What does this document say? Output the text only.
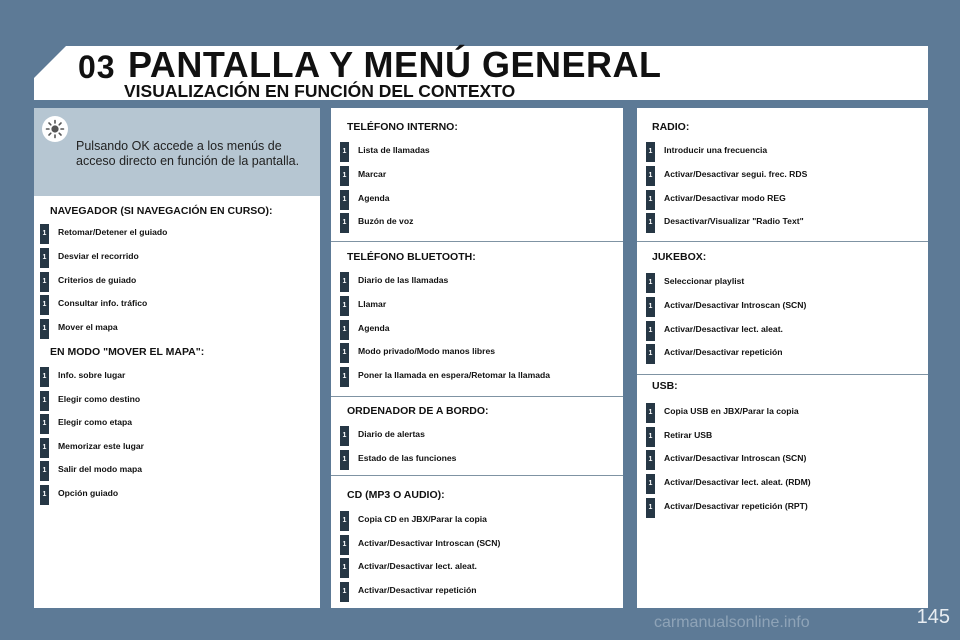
03 PANTALLA Y MENÚ GENERAL
VISUALIZACIÓN EN FUNCIÓN DEL CONTEXTO
Pulsando OK accede a los menús de acceso directo en función de la pantalla.
NAVEGADOR (SI NAVEGACIÓN EN CURSO):
EN MODO "MOVER EL MAPA":
1 Retomar/Detener el guiado
1 Desviar el recorrido
1 Criterios de guiado
1 Consultar info. tráfico
1 Mover el mapa
1 Info. sobre lugar
1 Elegir como destino
1 Elegir como etapa
1 Memorizar este lugar
1 Salir del modo mapa
1 Opción guiado
TELÉFONO INTERNO:
TELÉFONO BLUETOOTH:
ORDENADOR DE A BORDO:
CD (MP3 O AUDIO):
1 Lista de llamadas
1 Marcar
1 Agenda
1 Buzón de voz
1 Diario de las llamadas
1 Llamar
1 Agenda
1 Modo privado/Modo manos libres
1 Poner la llamada en espera/Retomar la llamada
1 Diario de alertas
1 Estado de las funciones
1 Copia CD en JBX/Parar la copia
1 Activar/Desactivar Introscan (SCN)
1 Activar/Desactivar lect. aleat.
1 Activar/Desactivar repetición
RADIO:
JUKEBOX:
USB:
1 Introducir una frecuencia
1 Activar/Desactivar segui. frec. RDS
1 Activar/Desactivar modo REG
1 Desactivar/Visualizar "Radio Text"
1 Seleccionar playlist
1 Activar/Desactivar Introscan (SCN)
1 Activar/Desactivar lect. aleat.
1 Activar/Desactivar repetición
1 Copia USB en JBX/Parar la copia
1 Retirar USB
1 Activar/Desactivar Introscan (SCN)
1 Activar/Desactivar lect. aleat. (RDM)
1 Activar/Desactivar repetición (RPT)
145
carmanualsonline.info
